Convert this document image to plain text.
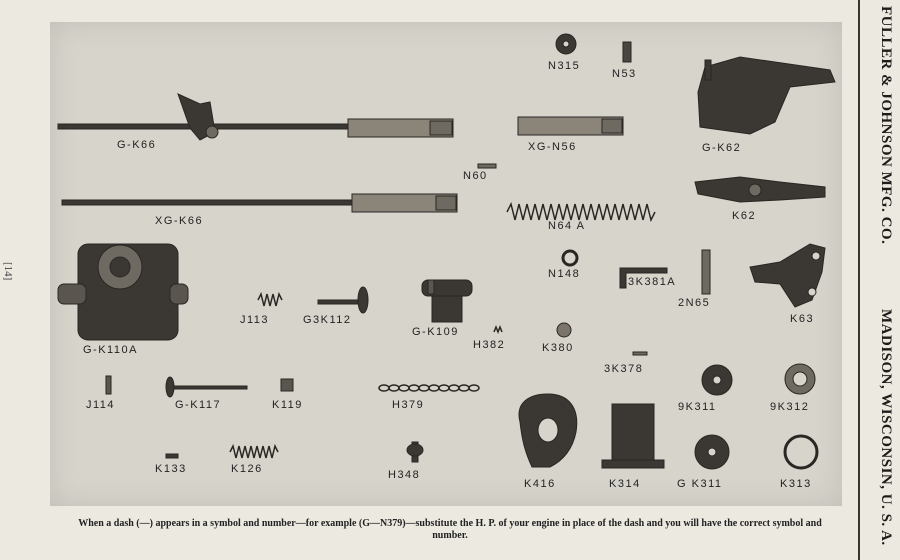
[14]
FULLER & JOHNSON MFG. CO.
MADISON, WISCONSIN, U. S. A.
G-K66
XG-K66
XG-N56
N315
N53
G-K62
N60
K62
N64 A
N148
3K381A
2N65
K63
G-K110A
J113	G3K112
G-K109
H382	K380
3K378
J114	G-K117	K119	H379	9K311	9K312
K133	K126	H348
K416	K314	G K311	K313
When a dash (—) appears in a symbol and number—for example (G—N379)—substitute the H. P. of your engine in place of the dash and you will have the correct symbol and number.
